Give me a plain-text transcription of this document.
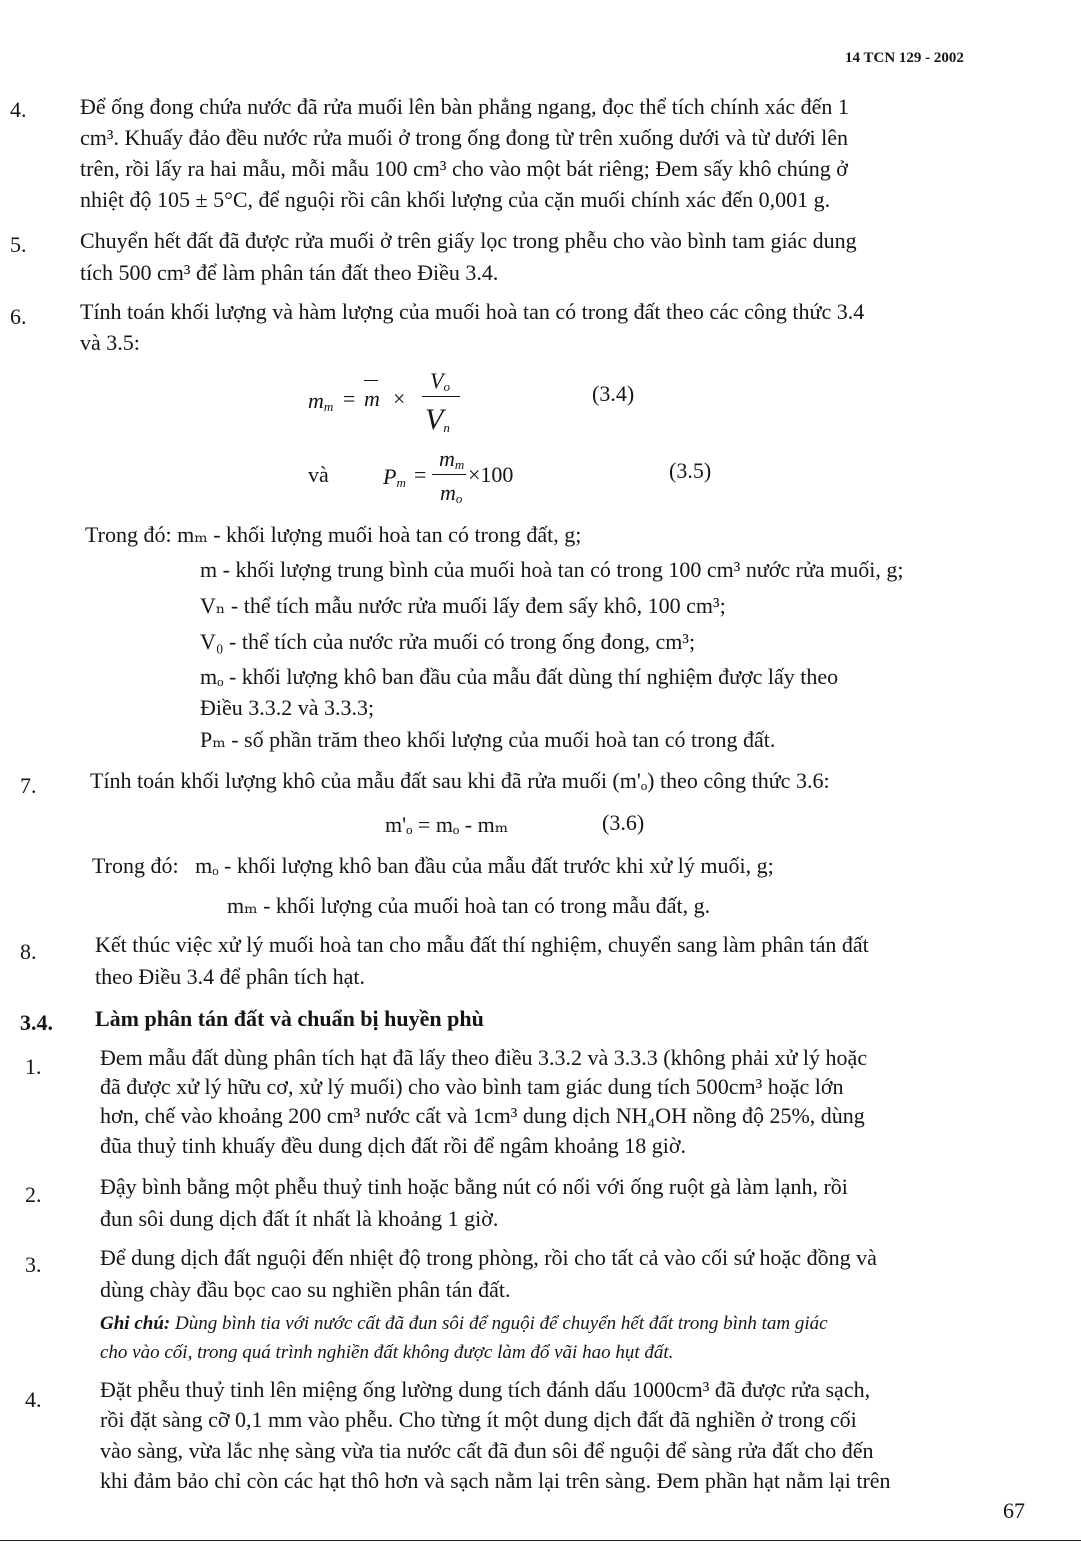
14 TCN 129 - 2002
4.	Để ống đong chứa nước đã rửa muối lên bàn phẳng ngang, đọc thể tích chính xác đến 1
cm³. Khuấy đảo đều nước rửa muối ở trong ống đong từ trên xuống dưới và từ dưới lên
trên, rồi lấy ra hai mẫu, mỗi mẫu 100 cm³ cho vào một bát riêng; Đem sấy khô chúng ở
nhiệt độ 105 ± 5°C, để nguội rồi cân khối lượng của cặn muối chính xác đến 0,001 g.
5.	Chuyển hết đất đã được rửa muối ở trên giấy lọc trong phễu cho vào bình tam giác dung
tích 500 cm³ để làm phân tán đất theo Điều 3.4.
6.	Tính toán khối lượng và hàm lượng của muối hoà tan có trong đất theo các công thức 3.4
và 3.5:
$m_m = m$ ×
$V_o$
$V_n$
(3.4)
và $P_m$ =
$m_m \times 100$
$m_o$
(3.5)
Trong đó: mₘ - khối lượng muối hoà tan có trong đất, g;
m - khối lượng trung bình của muối hoà tan có trong 100 cm³ nước rửa muối, g;
Vₙ - thể tích mẫu nước rửa muối lấy đem sấy khô, 100 cm³;
V₀ - thể tích của nước rửa muối có trong ống đong, cm³;
mₒ - khối lượng khô ban đầu của mẫu đất dùng thí nghiệm được lấy theo
Điều 3.3.2 và 3.3.3;
Pₘ - số phần trăm theo khối lượng của muối hoà tan có trong đất.
7.	Tính toán khối lượng khô của mẫu đất sau khi đã rửa muối (m'ₒ) theo công thức 3.6:
m'ₒ = mₒ - mₘ	(3.6)
Trong đó:   mₒ - khối lượng khô ban đầu của mẫu đất trước khi xử lý muối, g;
mₘ - khối lượng của muối hoà tan có trong mẫu đất, g.
8.	Kết thúc việc xử lý muối hoà tan cho mẫu đất thí nghiệm, chuyển sang làm phân tán đất
theo Điều 3.4 để phân tích hạt.
3.4.	Làm phân tán đất và chuẩn bị huyền phù
1.	Đem mẫu đất dùng phân tích hạt đã lấy theo điều 3.3.2 và 3.3.3 (không phải xử lý hoặc
đã được xử lý hữu cơ, xử lý muối) cho vào bình tam giác dung tích 500cm³ hoặc lớn
hơn, chế vào khoảng 200 cm³ nước cất và 1cm³ dung dịch NH₄OH nồng độ 25%, dùng
đũa thuỷ tinh khuấy đều dung dịch đất rồi để ngâm khoảng 18 giờ.
2.	Đậy bình bằng một phễu thuỷ tinh hoặc bằng nút có nối với ống ruột gà làm lạnh, rồi
đun sôi dung dịch đất ít nhất là khoảng 1 giờ.
3.	Để dung dịch đất nguội đến nhiệt độ trong phòng, rồi cho tất cả vào cối sứ hoặc đồng và
dùng chày đầu bọc cao su nghiền phân tán đất.
Ghi chú: Dùng bình tia với nước cất đã đun sôi để nguội để chuyển hết đất trong bình tam giác
cho vào cối, trong quá trình nghiền đất không được làm đổ vãi hao hụt đất.
4.	Đặt phễu thuỷ tinh lên miệng ống lường dung tích đánh dấu 1000cm³ đã được rửa sạch,
rồi đặt sàng cỡ 0,1 mm vào phễu. Cho từng ít một dung dịch đất đã nghiền ở trong cối
vào sàng, vừa lắc nhẹ sàng vừa tia nước cất đã đun sôi để nguội để sàng rửa đất cho đến
khi đảm bảo chỉ còn các hạt thô hơn và sạch nằm lại trên sàng. Đem phần hạt nằm lại trên
67
